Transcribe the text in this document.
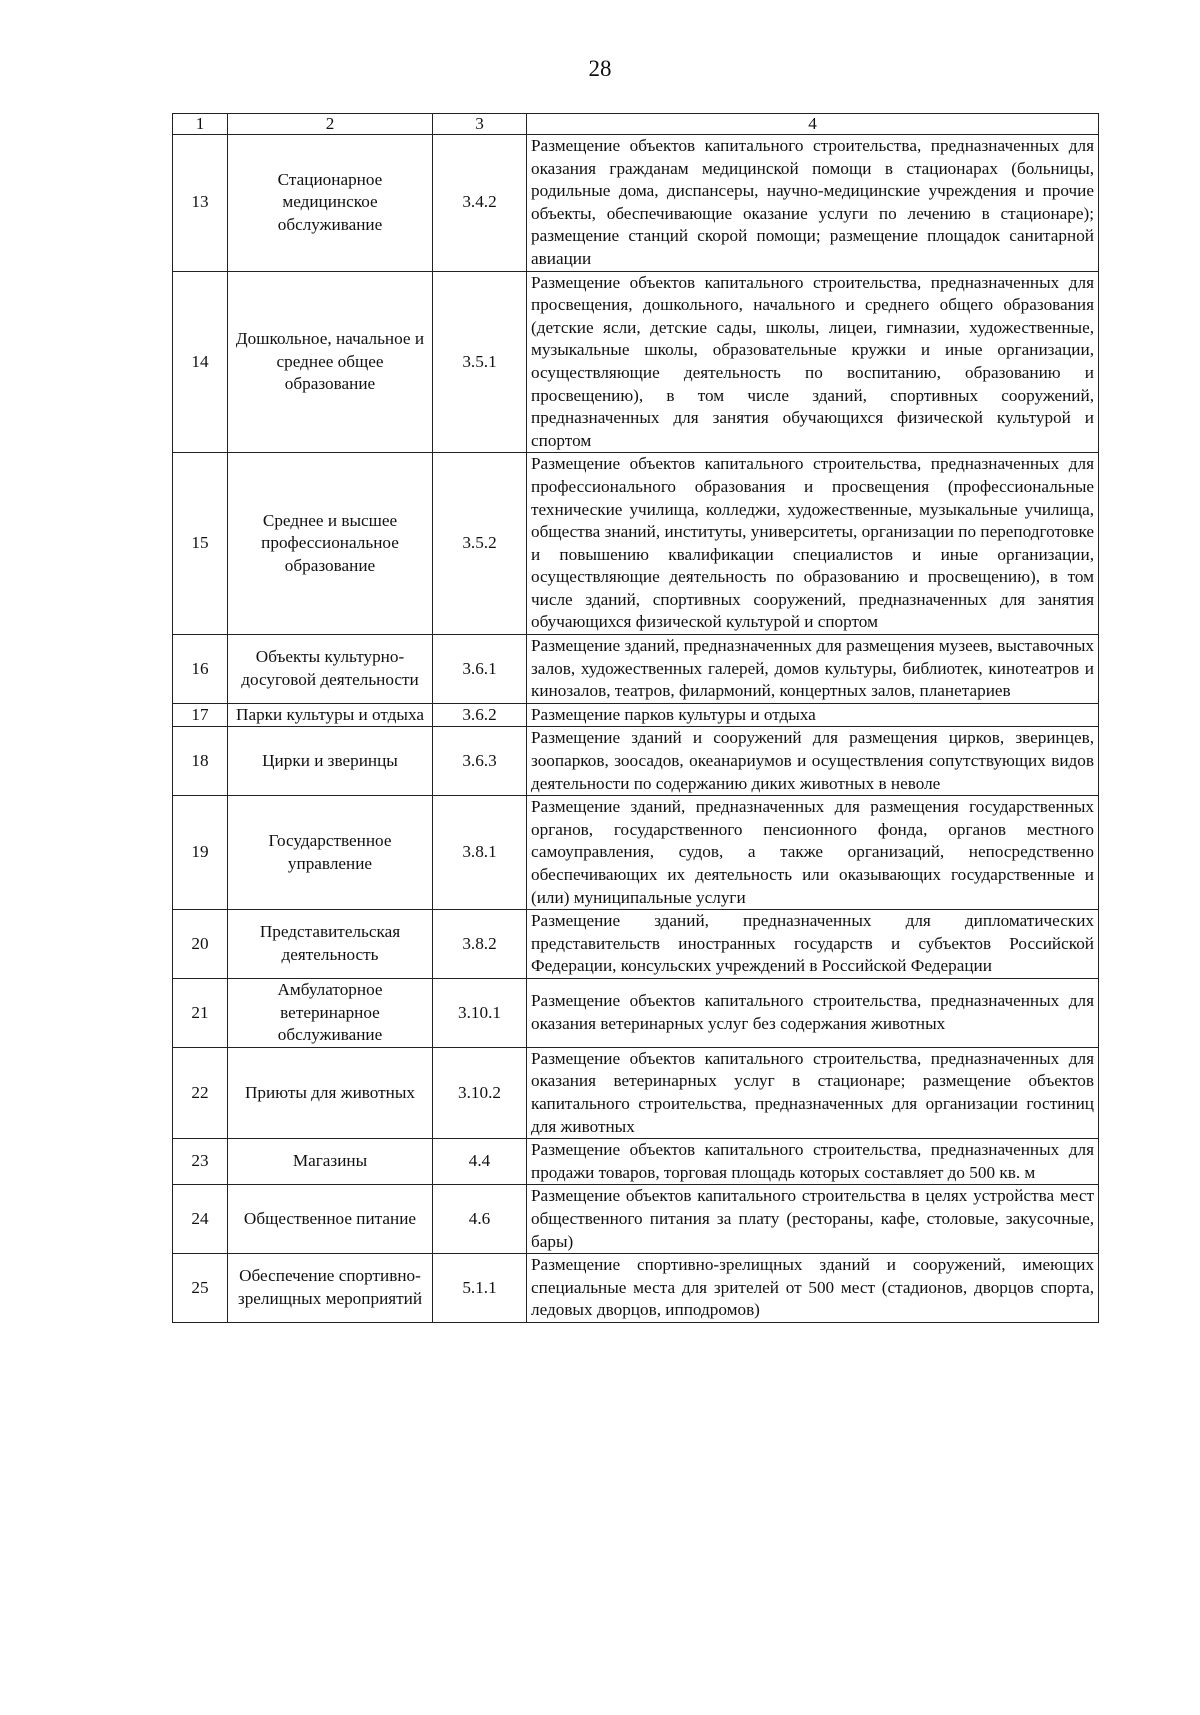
28
1	2	3	4
13	Стационарное медицинское обслуживание	3.4.2	Размещение объектов капитального строительства, предназначенных для оказания гражданам медицинской помощи в стационарах (больницы, родильные дома, диспансеры, научно-медицинские учреждения и прочие объекты, обеспечивающие оказание услуги по лечению в стационаре); размещение станций скорой помощи; размещение площадок санитарной авиации
14	Дошкольное, начальное и среднее общее образование	3.5.1	Размещение объектов капитального строительства, предназначенных для просвещения, дошкольного, начального и среднего общего образования (детские ясли, детские сады, школы, лицеи, гимназии, художественные, музыкальные школы, образовательные кружки и иные организации, осуществляющие деятельность по воспитанию, образованию и просвещению), в том числе зданий, спортивных сооружений, предназначенных для занятия обучающихся физической культурой и спортом
15	Среднее и высшее профессиональное образование	3.5.2	Размещение объектов капитального строительства, предназначенных для профессионального образования и просвещения (профессиональные технические училища, колледжи, художественные, музыкальные училища, общества знаний, институты, университеты, организации по переподготовке и повышению квалификации специалистов и иные организации, осуществляющие деятельность по образованию и просвещению), в том числе зданий, спортивных сооружений, предназначенных для занятия обучающихся физической культурой и спортом
16	Объекты культурно-досуговой деятельности	3.6.1	Размещение зданий, предназначенных для размещения музеев, выставочных залов, художественных галерей, домов культуры, библиотек, кинотеатров и кинозалов, театров, филармоний, концертных залов, планетариев
17	Парки культуры и отдыха	3.6.2	Размещение парков культуры и отдыха
18	Цирки и зверинцы	3.6.3	Размещение зданий и сооружений для размещения цирков, зверинцев, зоопарков, зоосадов, океанариумов и осуществления сопутствующих видов деятельности по содержанию диких животных в неволе
19	Государственное управление	3.8.1	Размещение зданий, предназначенных для размещения государственных органов, государственного пенсионного фонда, органов местного самоуправления, судов, а также организаций, непосредственно обеспечивающих их деятельность или оказывающих государственные и (или) муниципальные услуги
20	Представительская деятельность	3.8.2	Размещение зданий, предназначенных для дипломатических представительств иностранных государств и субъектов Российской Федерации, консульских учреждений в Российской Федерации
21	Амбулаторное ветеринарное обслуживание	3.10.1	Размещение объектов капитального строительства, предназначенных для оказания ветеринарных услуг без содержания животных
22	Приюты для животных	3.10.2	Размещение объектов капитального строительства, предназначенных для оказания ветеринарных услуг в стационаре; размещение объектов капитального строительства, предназначенных для организации гостиниц для животных
23	Магазины	4.4	Размещение объектов капитального строительства, предназначенных для продажи товаров, торговая площадь которых составляет до 500 кв. м
24	Общественное питание	4.6	Размещение объектов капитального строительства в целях устройства мест общественного питания за плату (рестораны, кафе, столовые, закусочные, бары)
25	Обеспечение спортивно-зрелищных мероприятий	5.1.1	Размещение спортивно-зрелищных зданий и сооружений, имеющих специальные места для зрителей от 500 мест (стадионов, дворцов спорта, ледовых дворцов, ипподромов)
